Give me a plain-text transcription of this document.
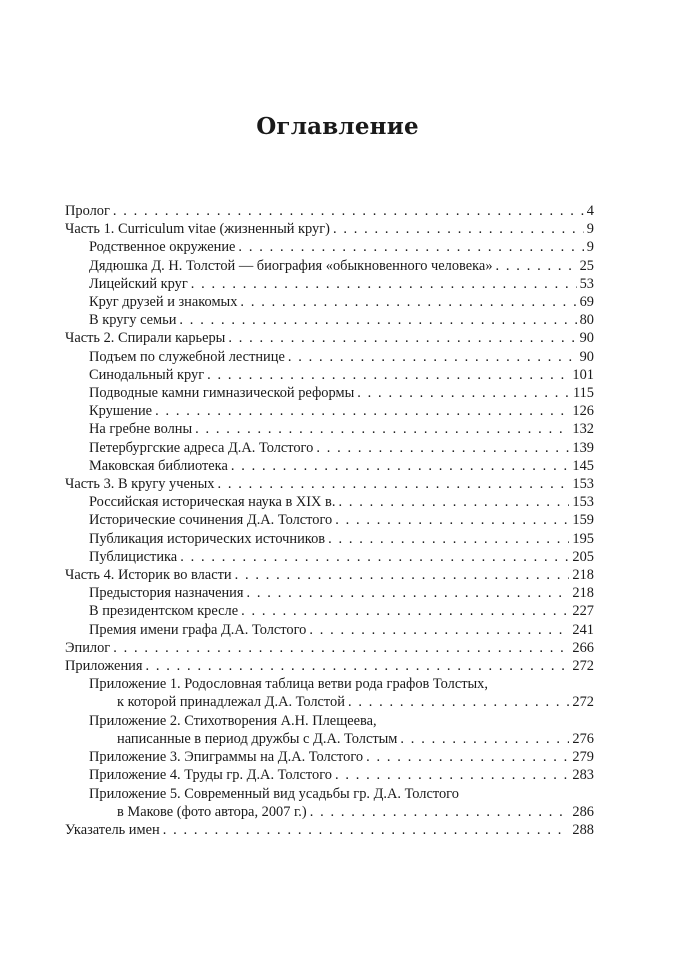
Оглавление
Пролог . . .	4
Часть 1. Curriculum vitae (жизненный круг) . . .	9
Родственное окружение . . .	9
Дядюшка Д. Н. Толстой — биография «обыкновенного человека» . . .	25
Лицейский круг . . .	53
Круг друзей и знакомых . . .	69
В кругу семьи . . .	80
Часть 2. Спирали карьеры . . .	90
Подъем по служебной лестнице . . .	90
Синодальный круг . . .	101
Подводные камни гимназической реформы . . .	115
Крушение . . .	126
На гребне волны . . .	132
Петербургские адреса Д.А. Толстого . . .	139
Маковская библиотека . . .	145
Часть 3. В кругу ученых . . .	153
Российская историческая наука в XIX в. . . .	153
Исторические сочинения Д.А. Толстого . . .	159
Публикация исторических источников . . .	195
Публицистика . . .	205
Часть 4. Историк во власти . . .	218
Предыстория назначения . . .	218
В президентском кресле . . .	227
Премия имени графа Д.А. Толстого . . .	241
Эпилог . . .	266
Приложения . . .	272
Приложение 1. Родословная таблица ветви рода графов Толстых,
к которой принадлежал Д.А. Толстой . . .	272
Приложение 2. Стихотворения А.Н. Плещеева,
написанные в период дружбы с Д.А. Толстым . . .	276
Приложение 3. Эпиграммы на Д.А. Толстого . . .	279
Приложение 4. Труды гр. Д.А. Толстого . . .	283
Приложение 5. Современный вид усадьбы гр. Д.А. Толстого
в Макове (фото автора, 2007 г.) . . .	286
Указатель имен . . .	288
